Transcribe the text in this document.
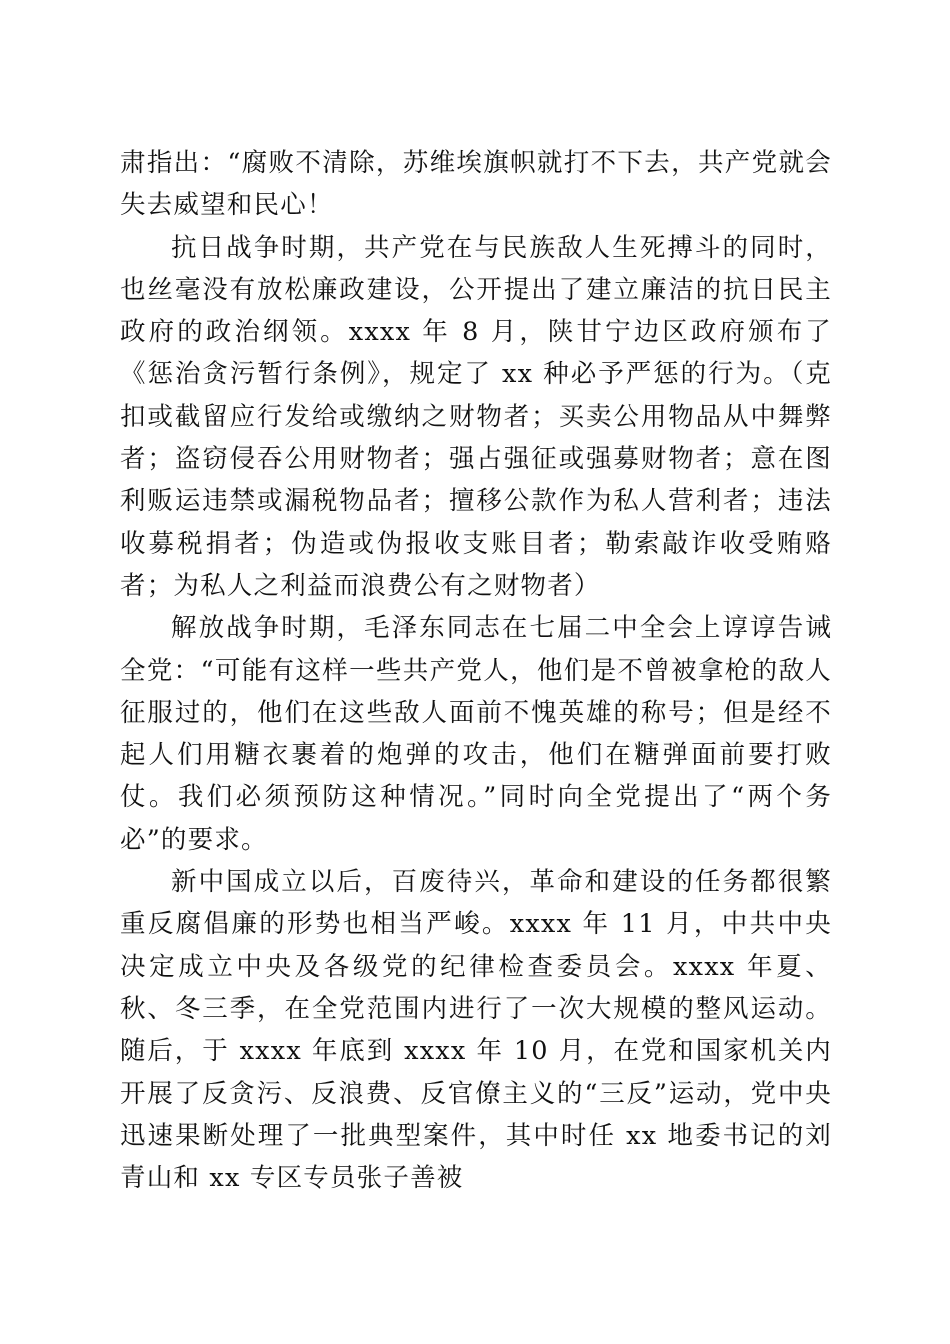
肃指出：“腐败不清除，苏维埃旗帜就打不下去，共产党就会失去威望和民心！

抗日战争时期，共产党在与民族敌人生死搏斗的同时，也丝毫没有放松廉政建设，公开提出了建立廉洁的抗日民主政府的政治纲领。xxxx 年 8 月，陕甘宁边区政府颁布了《惩治贪污暂行条例》，规定了 xx 种必予严惩的行为。（克扣或截留应行发给或缴纳之财物者；买卖公用物品从中舞弊者；盗窃侵吞公用财物者；强占强征或强募财物者；意在图利贩运违禁或漏税物品者；擅移公款作为私人营利者；违法收募税捐者；伪造或伪报收支账目者；勒索敲诈收受贿赂者；为私人之利益而浪费公有之财物者）

解放战争时期，毛泽东同志在七届二中全会上谆谆告诫全党：“可能有这样一些共产党人，他们是不曾被拿枪的敌人征服过的，他们在这些敌人面前不愧英雄的称号；但是经不起人们用糖衣裹着的炮弹的攻击，他们在糖弹面前要打败仗。我们必须预防这种情况。”同时向全党提出了“两个务必”的要求。

新中国成立以后，百废待兴，革命和建设的任务都很繁重反腐倡廉的形势也相当严峻。xxxx 年 11 月，中共中央决定成立中央及各级党的纪律检查委员会。xxxx 年夏、秋、冬三季，在全党范围内进行了一次大规模的整风运动。随后，于 xxxx 年底到 xxxx 年 10 月，在党和国家机关内开展了反贪污、反浪费、反官僚主义的“三反”运动，党中央迅速果断处理了一批典型案件，其中时任 xx 地委书记的刘青山和 xx 专区专员张子善被
